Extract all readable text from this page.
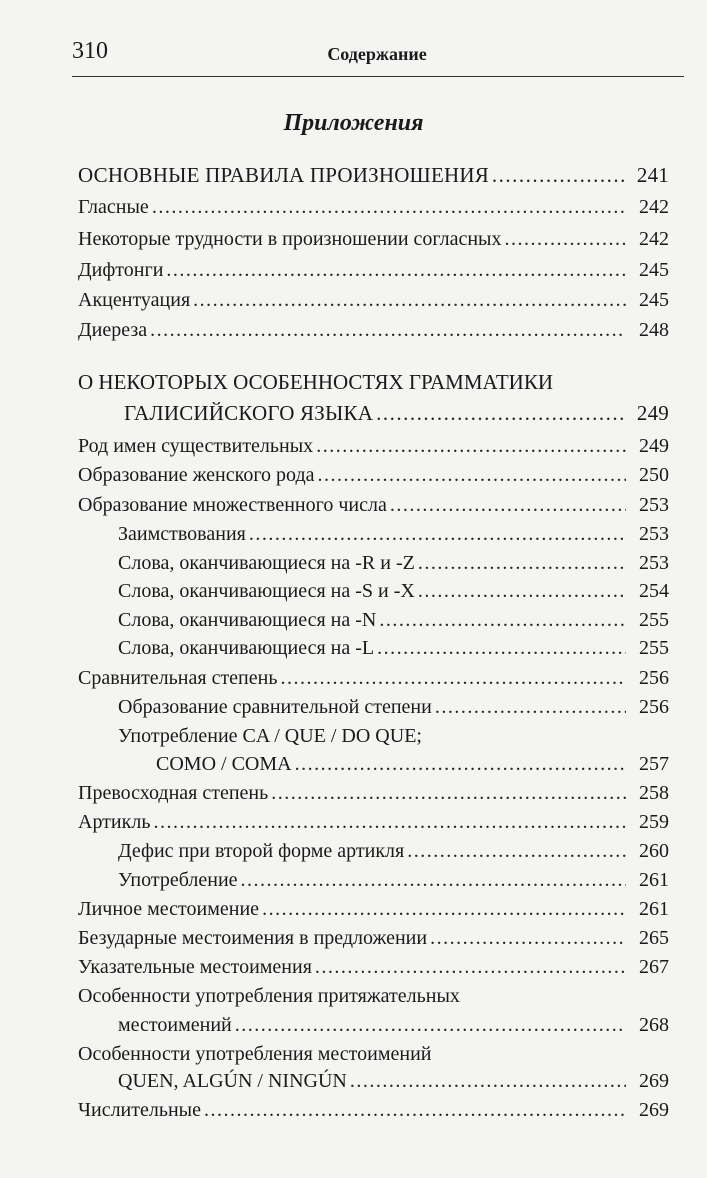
310	Содержание
Приложения
ОСНОВНЫЕ ПРАВИЛА ПРОИЗНОШЕНИЯ .....	241
Гласные .....	242
Некоторые трудности в произношении согласных .....	242
Дифтонги .....	245
Акцентуация .....	245
Диереза .....	248
О НЕКОТОРЫХ ОСОБЕННОСТЯХ ГРАММАТИКИ
ГАЛИСИЙСКОГО ЯЗЫКА .....	249
Род имен существительных .....	249
Образование женского рода .....	250
Образование множественного числа .....	253
Заимствования .....	253
Слова, оканчивающиеся на -R и -Z .....	253
Слова, оканчивающиеся на -S и -X .....	254
Слова, оканчивающиеся на -N .....	255
Слова, оканчивающиеся на -L .....	255
Сравнительная степень .....	256
Образование сравнительной степени .....	256
Употребление CA / QUE / DO QUE;
COMO / COMA .....	257
Превосходная степень .....	258
Артикль .....	259
Дефис при второй форме артикля .....	260
Употребление .....	261
Личное местоимение .....	261
Безударные местоимения в предложении .....	265
Указательные местоимения .....	267
Особенности употребления притяжательных
местоимений .....	268
Особенности употребления местоимений
QUEN, ALGÚN / NINGÚN .....	269
Числительные .....	269
